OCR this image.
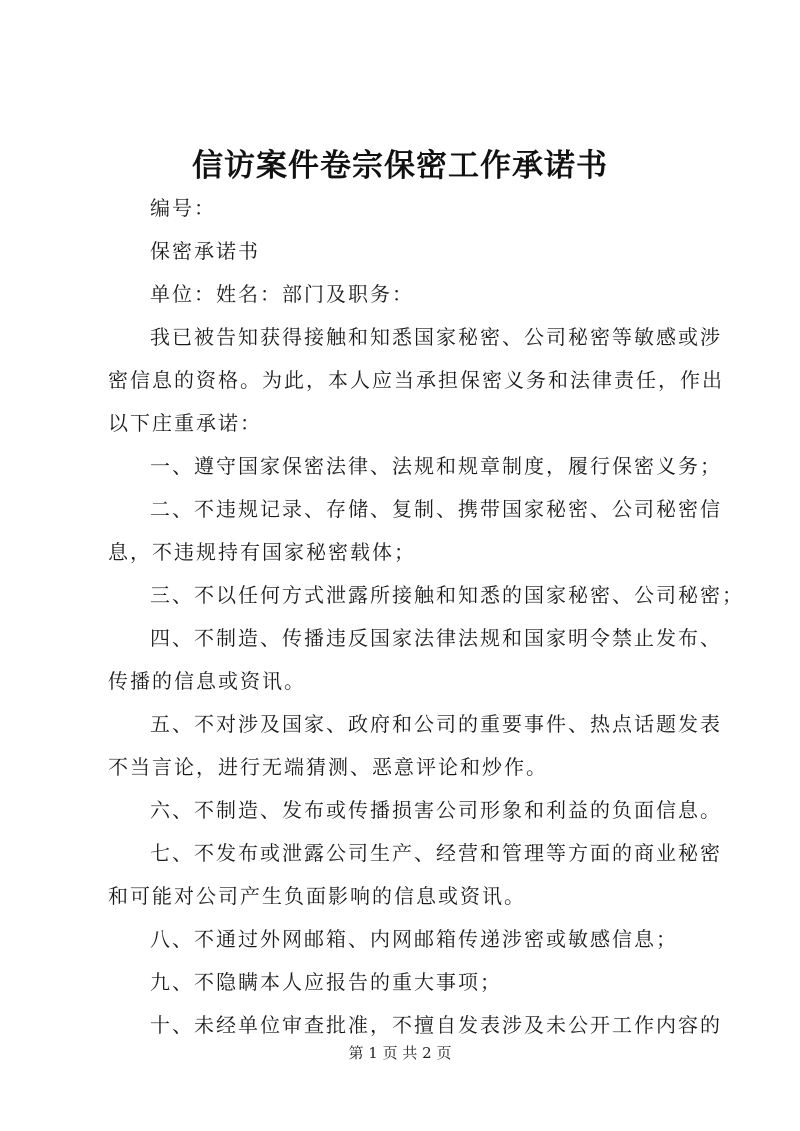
信访案件卷宗保密工作承诺书
编号：
保密承诺书
单位：姓名：部门及职务：
我已被告知获得接触和知悉国家秘密、公司秘密等敏感或涉
密信息的资格。为此，本人应当承担保密义务和法律责任，作出
以下庄重承诺：
一、遵守国家保密法律、法规和规章制度，履行保密义务；
二、不违规记录、存储、复制、携带国家秘密、公司秘密信
息，不违规持有国家秘密载体；
三、不以任何方式泄露所接触和知悉的国家秘密、公司秘密；
四、不制造、传播违反国家法律法规和国家明令禁止发布、
传播的信息或资讯。
五、不对涉及国家、政府和公司的重要事件、热点话题发表
不当言论，进行无端猜测、恶意评论和炒作。
六、不制造、发布或传播损害公司形象和利益的负面信息。
七、不发布或泄露公司生产、经营和管理等方面的商业秘密
和可能对公司产生负面影响的信息或资讯。
八、不通过外网邮箱、内网邮箱传递涉密或敏感信息；
九、不隐瞒本人应报告的重大事项；
十、未经单位审查批准，不擅自发表涉及未公开工作内容的
第 1 页 共 2 页
